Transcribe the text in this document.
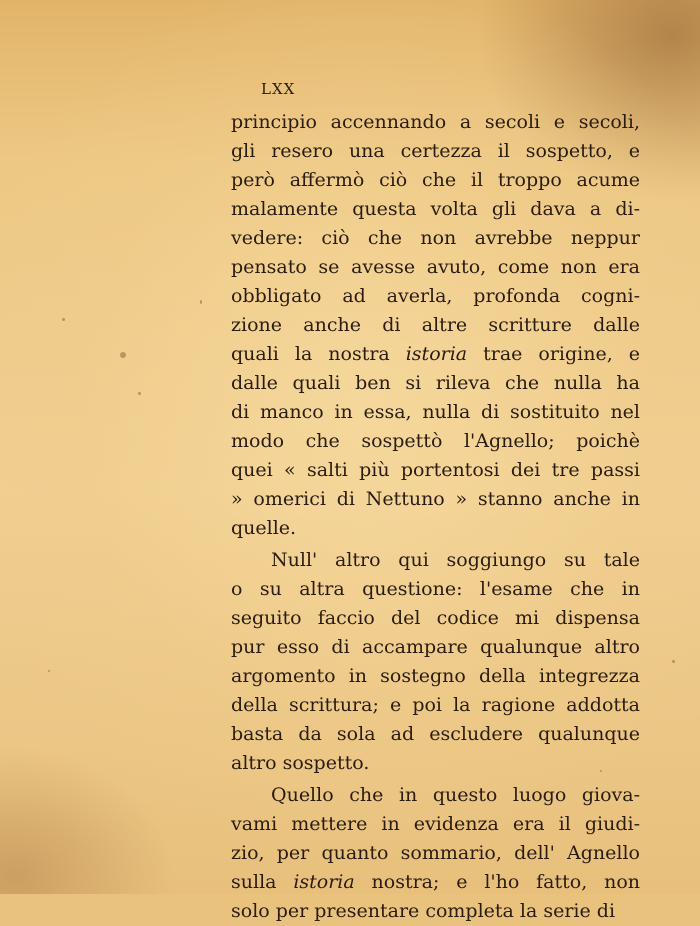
LXX
principio accennando a secoli e secoli,
gli resero una certezza il sospetto, e
però affermò ciò che il troppo acume
malamente questa volta gli dava a di-
vedere: ciò che non avrebbe neppur
pensato se avesse avuto, come non era
obbligato ad averla, profonda cogni-
zione anche di altre scritture dalle
quali la nostra istoria trae origine, e
dalle quali ben si rileva che nulla ha
di manco in essa, nulla di sostituito nel
modo che sospettò l'Agnello; poichè
quei « salti più portentosi dei tre passi
» omerici di Nettuno » stanno anche in
quelle.
Null' altro qui soggiungo su tale
o su altra questione: l'esame che in
seguito faccio del codice mi dispensa
pur esso di accampare qualunque altro
argomento in sostegno della integrezza
della scrittura; e poi la ragione addotta
basta da sola ad escludere qualunque
altro sospetto.
Quello che in questo luogo giova-
vami mettere in evidenza era il giudi-
zio, per quanto sommario, dell' Agnello
sulla istoria nostra; e l'ho fatto, non
solo per presentare completa la serie di
